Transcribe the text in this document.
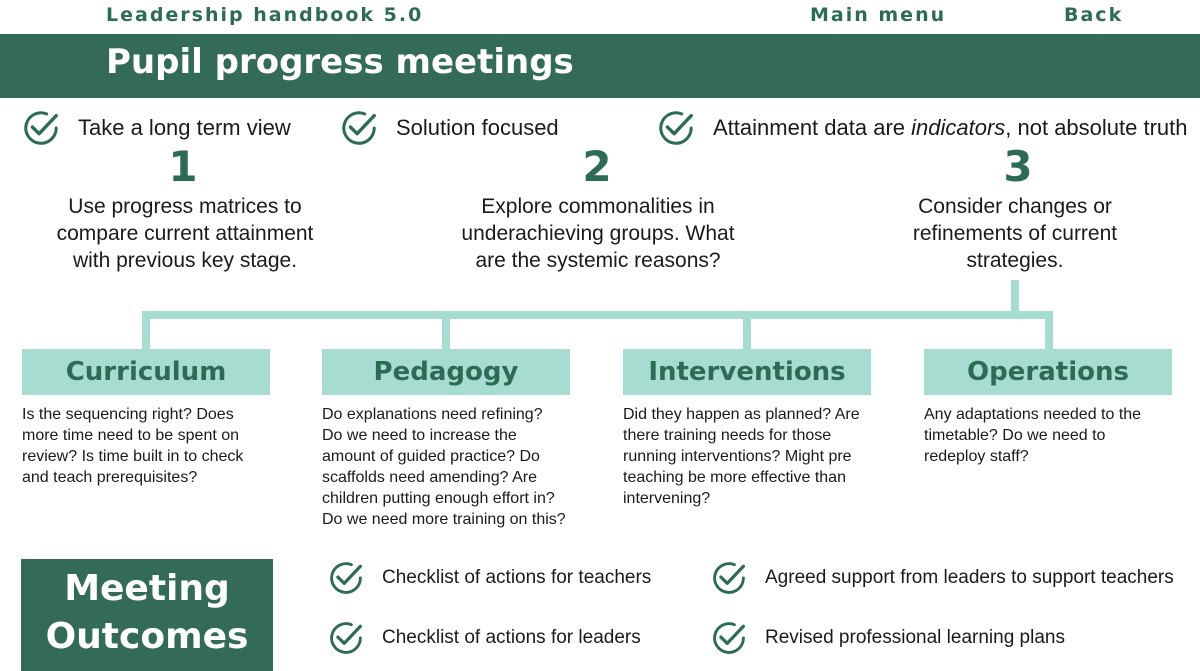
Leadership handbook 5.0	Main menu	Back
Pupil progress meetings
Take a long term view	Solution focused	Attainment data are indicators, not absolute truth
1	2	3
Use progress matrices to
compare current attainment
with previous key stage.
Explore commonalities in
underachieving groups. What
are the systemic reasons?
Consider changes or
refinements of current
strategies.
Curriculum	Pedagogy	Interventions	Operations
Is the sequencing right? Does
more time need to be spent on
review? Is time built in to check
and teach prerequisites?
Do explanations need refining?
Do we need to increase the
amount of guided practice? Do
scaffolds need amending? Are
children putting enough effort in?
Do we need more training on this?
Did they happen as planned? Are
there training needs for those
running interventions? Might pre
teaching be more effective than
intervening?
Any adaptations needed to the
timetable? Do we need to
redeploy staff?
Meeting
Outcomes
Checklist of actions for teachers	Agreed support from leaders to support teachers
Checklist of actions for leaders	Revised professional learning plans
